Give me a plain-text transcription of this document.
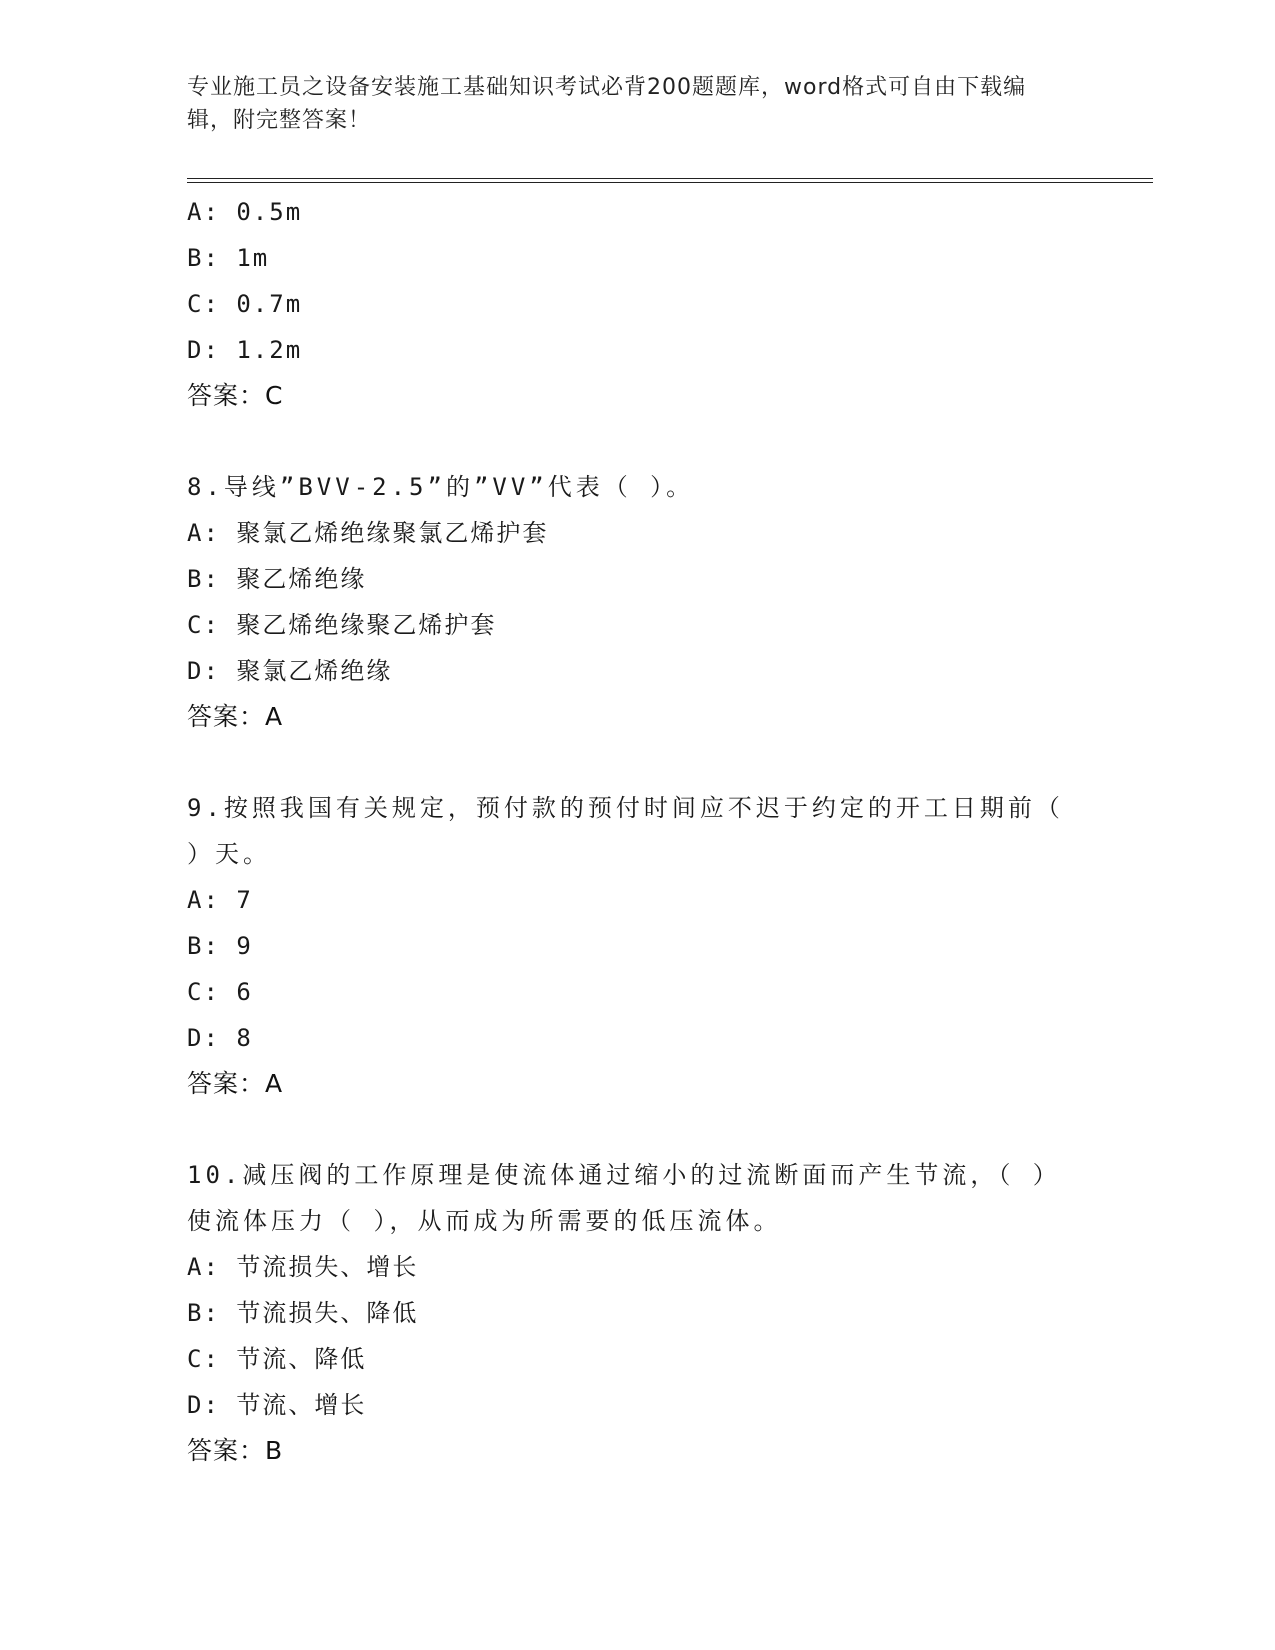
专业施工员之设备安装施工基础知识考试必背200题题库，word格式可自由下载编辑，附完整答案！
A: 0.5m
B: 1m
C: 0.7m
D: 1.2m
答案：C
8.导线”BVV-2.5”的”VV”代表（ ）。
A: 聚氯乙烯绝缘聚氯乙烯护套
B: 聚乙烯绝缘
C: 聚乙烯绝缘聚乙烯护套
D: 聚氯乙烯绝缘
答案：A
9.按照我国有关规定，预付款的预付时间应不迟于约定的开工日期前（ ）天。
A: 7
B: 9
C: 6
D: 8
答案：A
10.减压阀的工作原理是使流体通过缩小的过流断面而产生节流，（ ）使流体压力（ ），从而成为所需要的低压流体。
A: 节流损失、增长
B: 节流损失、降低
C: 节流、降低
D: 节流、增长
答案：B
